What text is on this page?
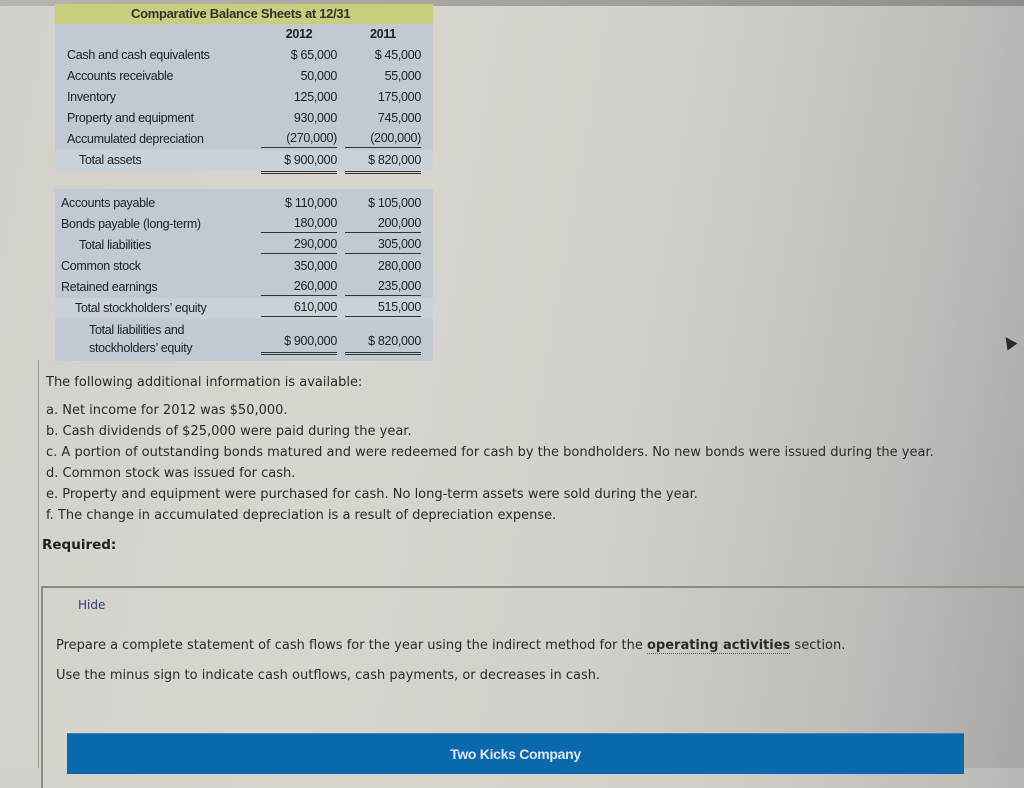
Comparative Balance Sheets at 12/31
2012	2011
Cash and cash equivalents	$ 65,000	$ 45,000
Accounts receivable	50,000	55,000
Inventory	125,000	175,000
Property and equipment	930,000	745,000
Accumulated depreciation	(270,000)	(200,000)
Total assets	$ 900,000	$ 820,000
Accounts payable	$ 110,000	$ 105,000
Bonds payable (long-term)	180,000	200,000
Total liabilities	290,000	305,000
Common stock	350,000	280,000
Retained earnings	260,000	235,000
Total stockholders’ equity	610,000	515,000
Total liabilities and
stockholders’ equity	$ 900,000	$ 820,000

The following additional information is available:

a. Net income for 2012 was $50,000.
b. Cash dividends of $25,000 were paid during the year.
c. A portion of outstanding bonds matured and were redeemed for cash by the bondholders. No new bonds were issued during the year.
d. Common stock was issued for cash.
e. Property and equipment were purchased for cash. No long-term assets were sold during the year.
f. The change in accumulated depreciation is a result of depreciation expense.
Required:
Hide
Prepare a complete statement of cash flows for the year using the indirect method for the operating activities section.
Use the minus sign to indicate cash outflows, cash payments, or decreases in cash.
Two Kicks Company
